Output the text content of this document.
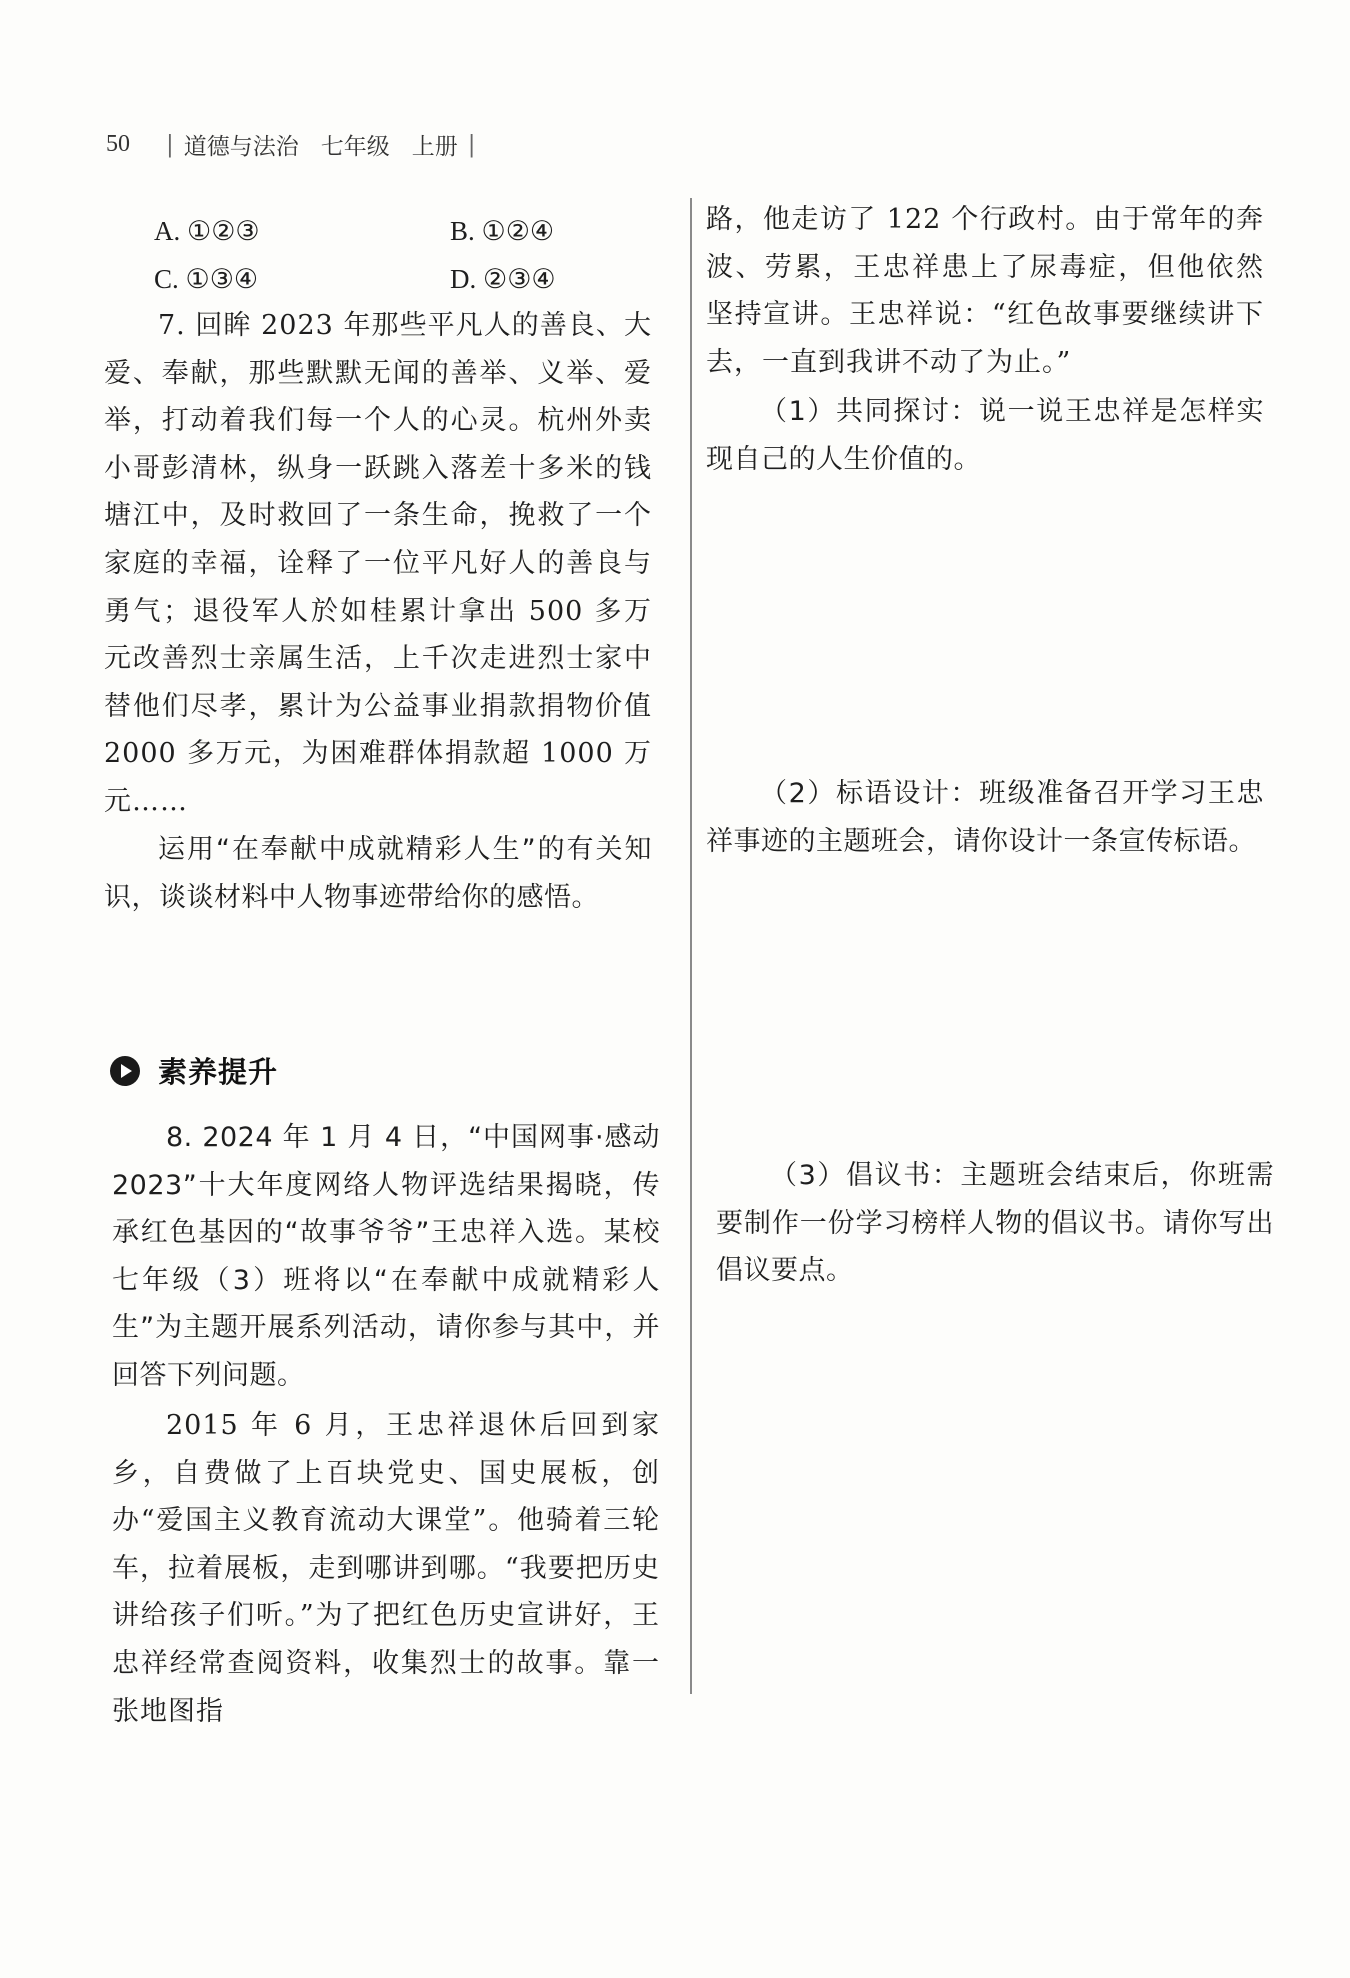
50 | 道德与法治 七年级 上册 |
A. ①②③	B. ①②④
C. ①③④	D. ②③④

7. 回眸 2023 年那些平凡人的善良、大爱、奉献，那些默默无闻的善举、义举、爱举，打动着我们每一个人的心灵。杭州外卖小哥彭清林，纵身一跃跳入落差十多米的钱塘江中，及时救回了一条生命，挽救了一个家庭的幸福，诠释了一位平凡好人的善良与勇气；退役军人於如桂累计拿出 500 多万元改善烈士亲属生活，上千次走进烈士家中替他们尽孝，累计为公益事业捐款捐物价值 2000 多万元，为困难群体捐款超 1000 万元……

运用“在奉献中成就精彩人生”的有关知识，谈谈材料中人物事迹带给你的感悟。

素养提升

8. 2024 年 1 月 4 日，“中国网事·感动 2023”十大年度网络人物评选结果揭晓，传承红色基因的“故事爷爷”王忠祥入选。某校七年级（3）班将以“在奉献中成就精彩人生”为主题开展系列活动，请你参与其中，并回答下列问题。

2015 年 6 月，王忠祥退休后回到家乡，自费做了上百块党史、国史展板，创办“爱国主义教育流动大课堂”。他骑着三轮车，拉着展板，走到哪讲到哪。“我要把历史讲给孩子们听。”为了把红色历史宣讲好，王忠祥经常查阅资料，收集烈士的故事。靠一张地图指

路，他走访了 122 个行政村。由于常年的奔波、劳累，王忠祥患上了尿毒症，但他依然坚持宣讲。王忠祥说：“红色故事要继续讲下去，一直到我讲不动了为止。”

（1）共同探讨：说一说王忠祥是怎样实现自己的人生价值的。

（2）标语设计：班级准备召开学习王忠祥事迹的主题班会，请你设计一条宣传标语。

（3）倡议书：主题班会结束后，你班需要制作一份学习榜样人物的倡议书。请你写出倡议要点。
